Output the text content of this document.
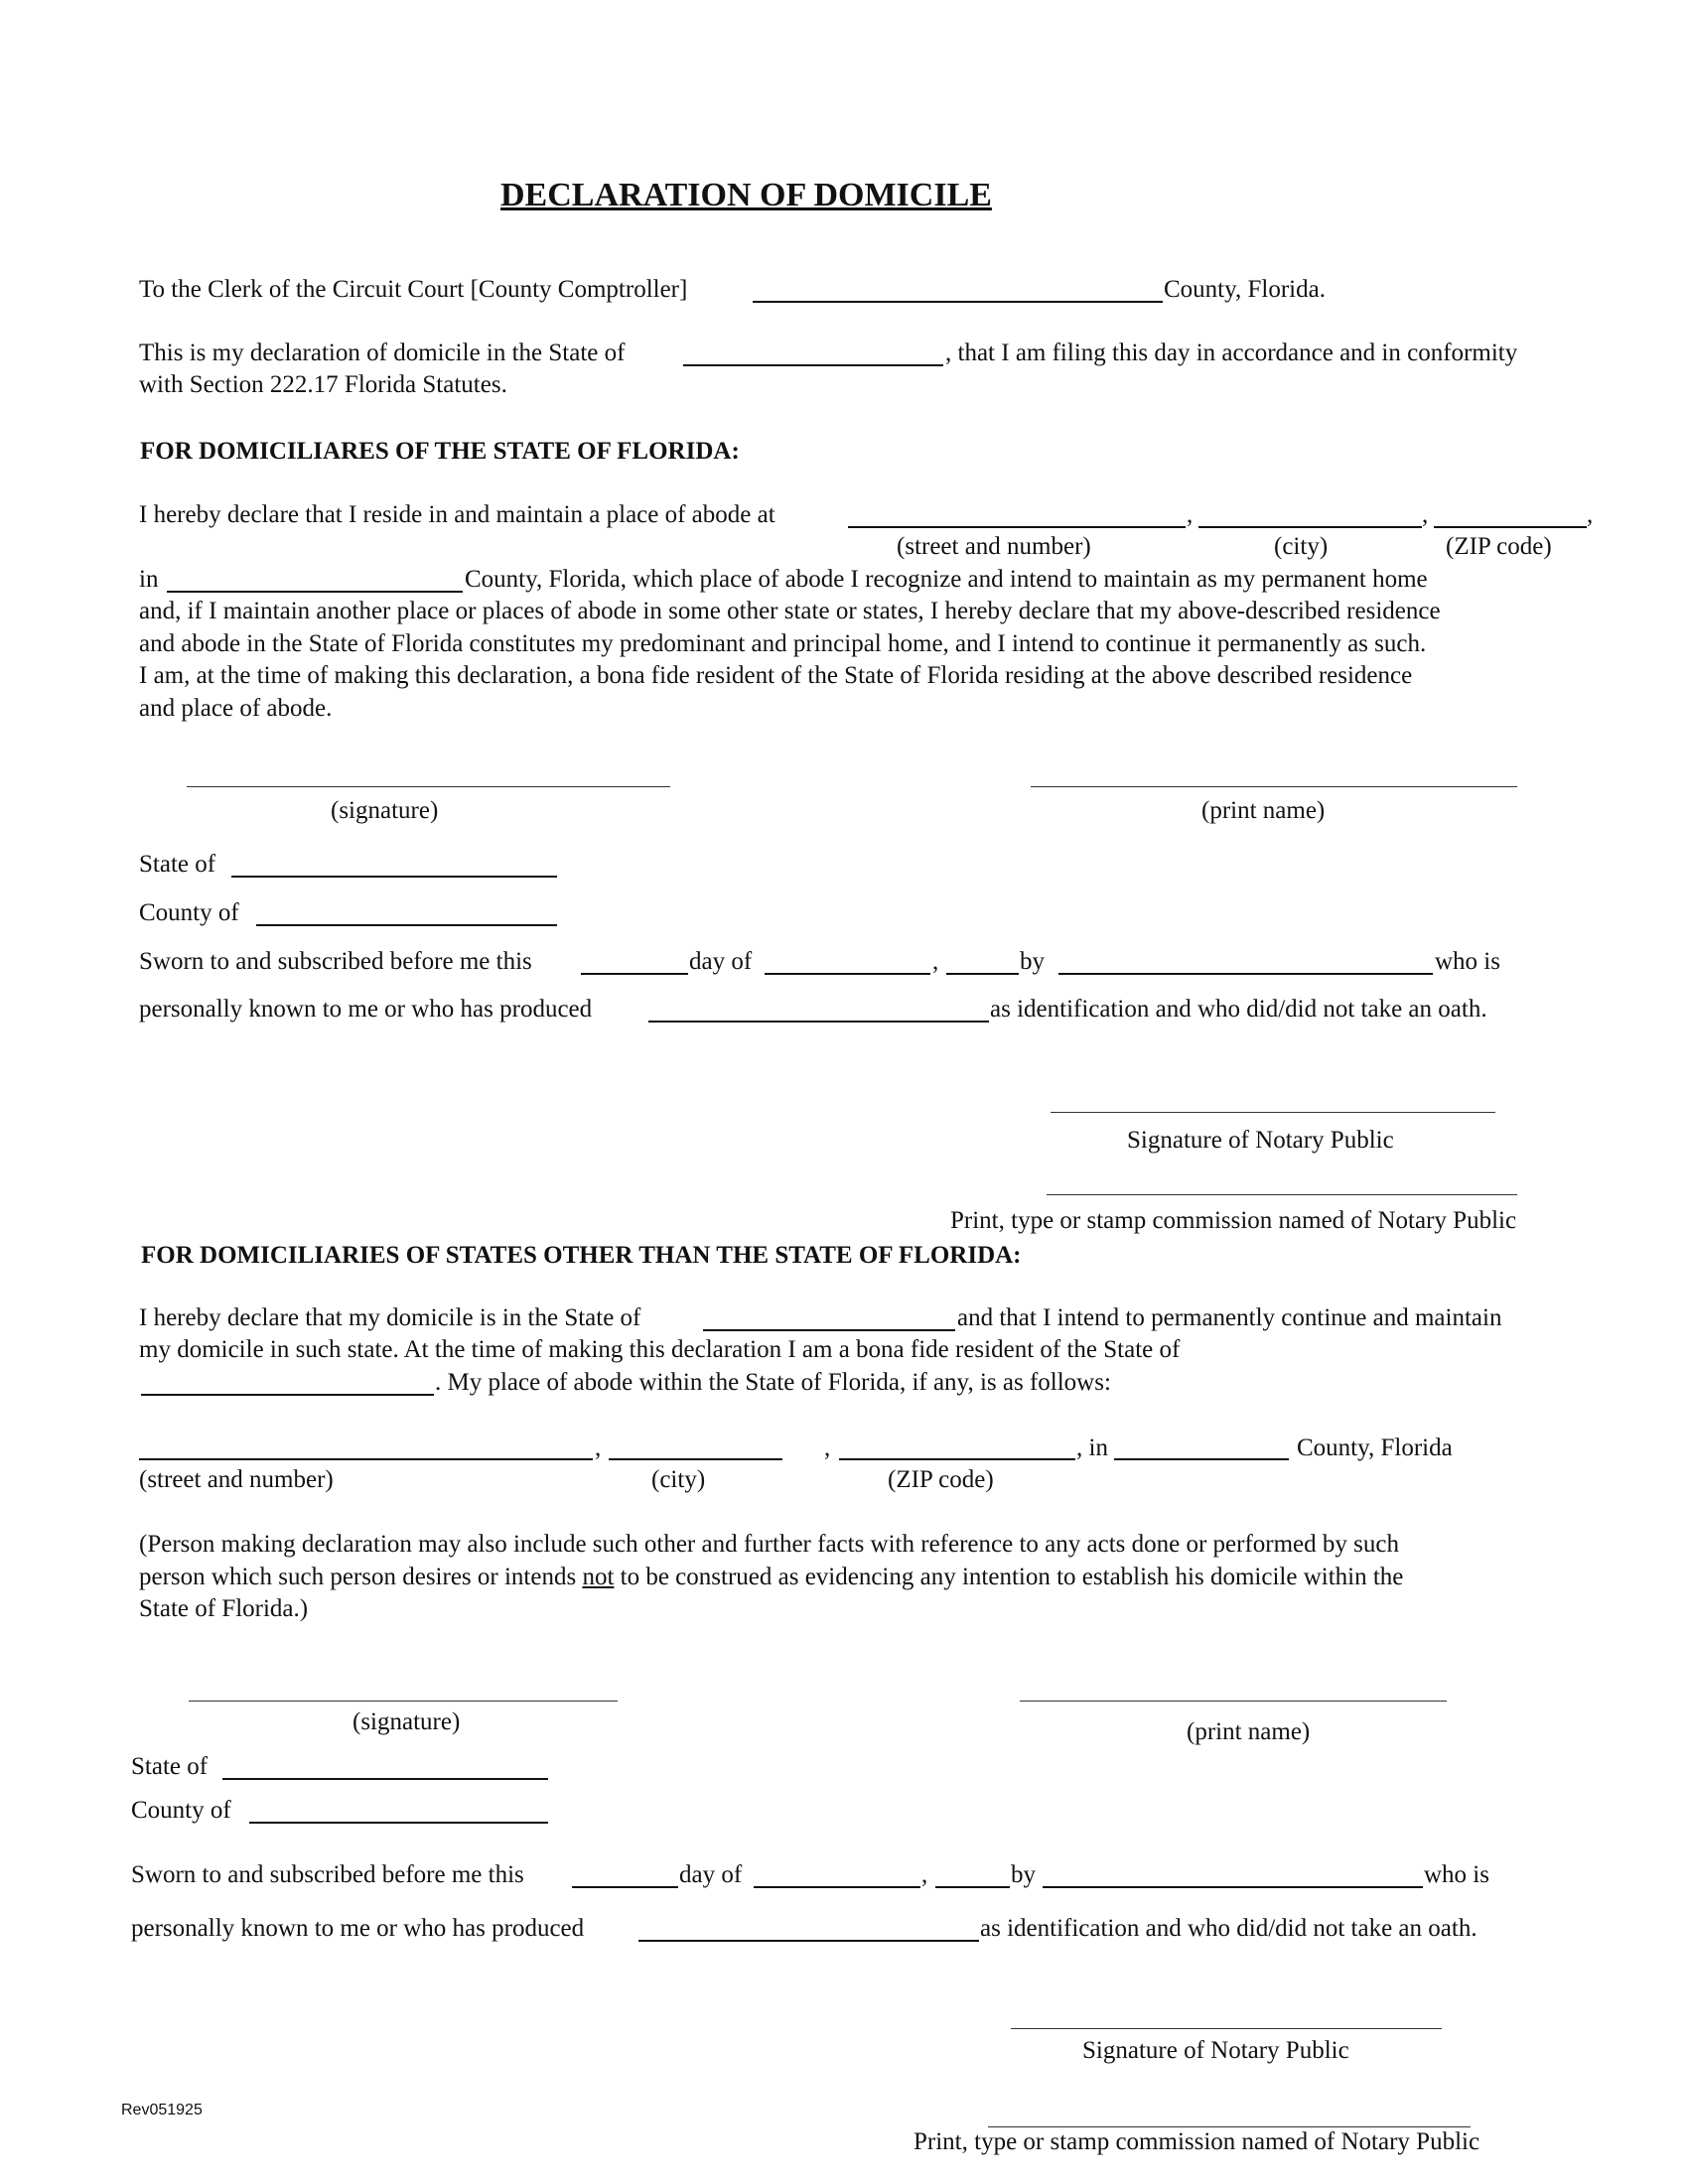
DECLARATION OF DOMICILE
To the Clerk of the Circuit Court [County Comptroller]	County, Florida.
This is my declaration of domicile in the State of	, that I am filing this day in accordance and in conformity
with Section 222.17 Florida Statutes.
FOR DOMICILIARES OF THE STATE OF FLORIDA:
I hereby declare that I reside in and maintain a place of abode at	,	,	,
(street and number)	(city)	(ZIP code)
in	County, Florida, which place of abode I recognize and intend to maintain as my permanent home
and, if I maintain another place or places of abode in some other state or states, I hereby declare that my above-described residence
and abode in the State of Florida constitutes my predominant and principal home, and I intend to continue it permanently as such.
I am, at the time of making this declaration, a bona fide resident of the State of Florida residing at the above described residence
and place of abode.
(signature)	(print name)
State of
County of
Sworn to and subscribed before me this	day of	,	by	who is
personally known to me or who has produced	as identification and who did/did not take an oath.
Signature of Notary Public
Print, type or stamp commission named of Notary Public
FOR DOMICILIARIES OF STATES OTHER THAN THE STATE OF FLORIDA:
I hereby declare that my domicile is in the State of	and that I intend to permanently continue and maintain
my domicile in such state. At the time of making this declaration I am a bona fide resident of the State of
. My place of abode within the State of Florida, if any, is as follows:
,	,	, in	County, Florida
(street and number)	(city)	(ZIP code)
(Person making declaration may also include such other and further facts with reference to any acts done or performed by such
person which such person desires or intends not to be construed as evidencing any intention to establish his domicile within the
State of Florida.)
(signature)	(print name)
State of
County of
Sworn to and subscribed before me this	day of	,	by	who is
personally known to me or who has produced	as identification and who did/did not take an oath.
Signature of Notary Public
Print, type or stamp commission named of Notary Public
Rev051925
